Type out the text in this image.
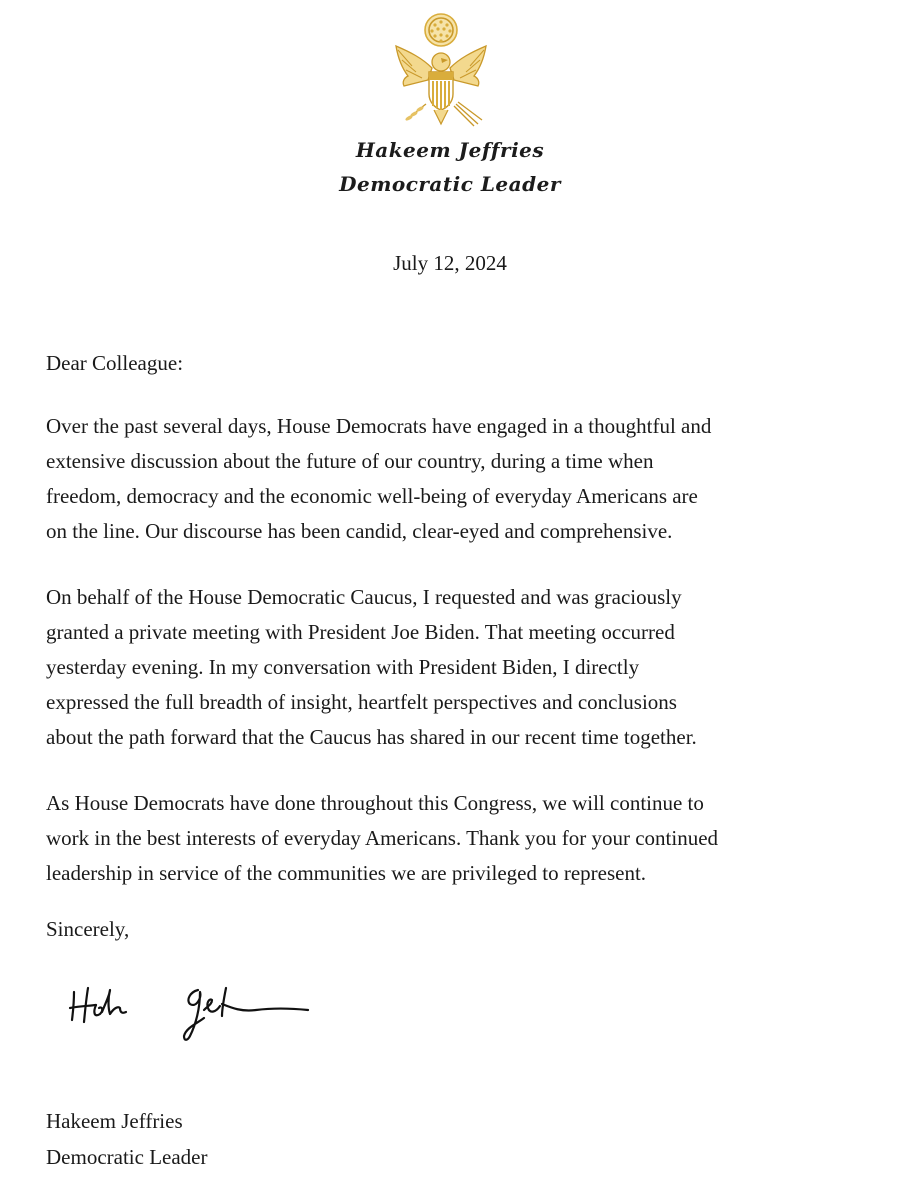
Hakeem Jeffries
Democratic Leader
July 12, 2024
Dear Colleague:
Over the past several days, House Democrats have engaged in a thoughtful and
extensive discussion about the future of our country, during a time when
freedom, democracy and the economic well-being of everyday Americans are
on the line. Our discourse has been candid, clear-eyed and comprehensive.
On behalf of the House Democratic Caucus, I requested and was graciously
granted a private meeting with President Joe Biden. That meeting occurred
yesterday evening. In my conversation with President Biden, I directly
expressed the full breadth of insight, heartfelt perspectives and conclusions
about the path forward that the Caucus has shared in our recent time together.
As House Democrats have done throughout this Congress, we will continue to
work in the best interests of everyday Americans. Thank you for your continued
leadership in service of the communities we are privileged to represent.
Sincerely,
Hakeem Jeffries
Democratic Leader
